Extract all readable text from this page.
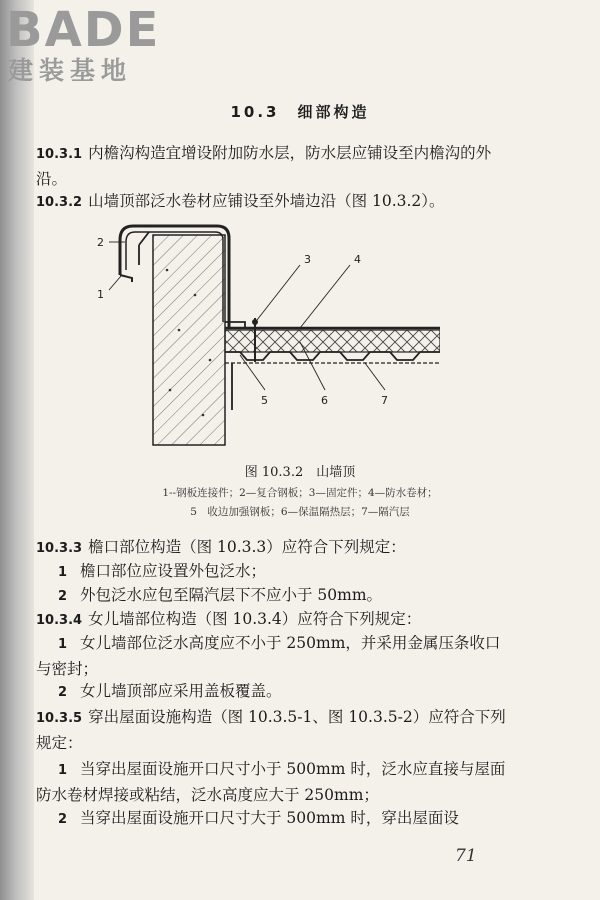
BADE
建装基地
10.3　细部构造
10.3.1 内檐沟构造宜增设附加防水层，防水层应铺设至内檐沟的外沿。
10.3.2 山墙顶部泛水卷材应铺设至外墙边沿（图 10.3.2）。
1
2
3	4
5	6	7
图 10.3.2　山墙顶
1--钢板连接件；2—复合钢板；3—固定件；4—防水卷材；
5　收边加强钢板；6—保温隔热层；7—隔汽层
10.3.3 檐口部位构造（图 10.3.3）应符合下列规定：
1 檐口部位应设置外包泛水；
2 外包泛水应包至隔汽层下不应小于 50mm。
10.3.4 女儿墙部位构造（图 10.3.4）应符合下列规定：
1 女儿墙部位泛水高度应不小于 250mm，并采用金属压条收口与密封；
2 女儿墙顶部应采用盖板覆盖。
10.3.5 穿出屋面设施构造（图 10.3.5-1、图 10.3.5-2）应符合下列规定：
1 当穿出屋面设施开口尺寸小于 500mm 时，泛水应直接与屋面防水卷材焊接或粘结，泛水高度应大于 250mm；
2 当穿出屋面设施开口尺寸大于 500mm 时，穿出屋面设
71
